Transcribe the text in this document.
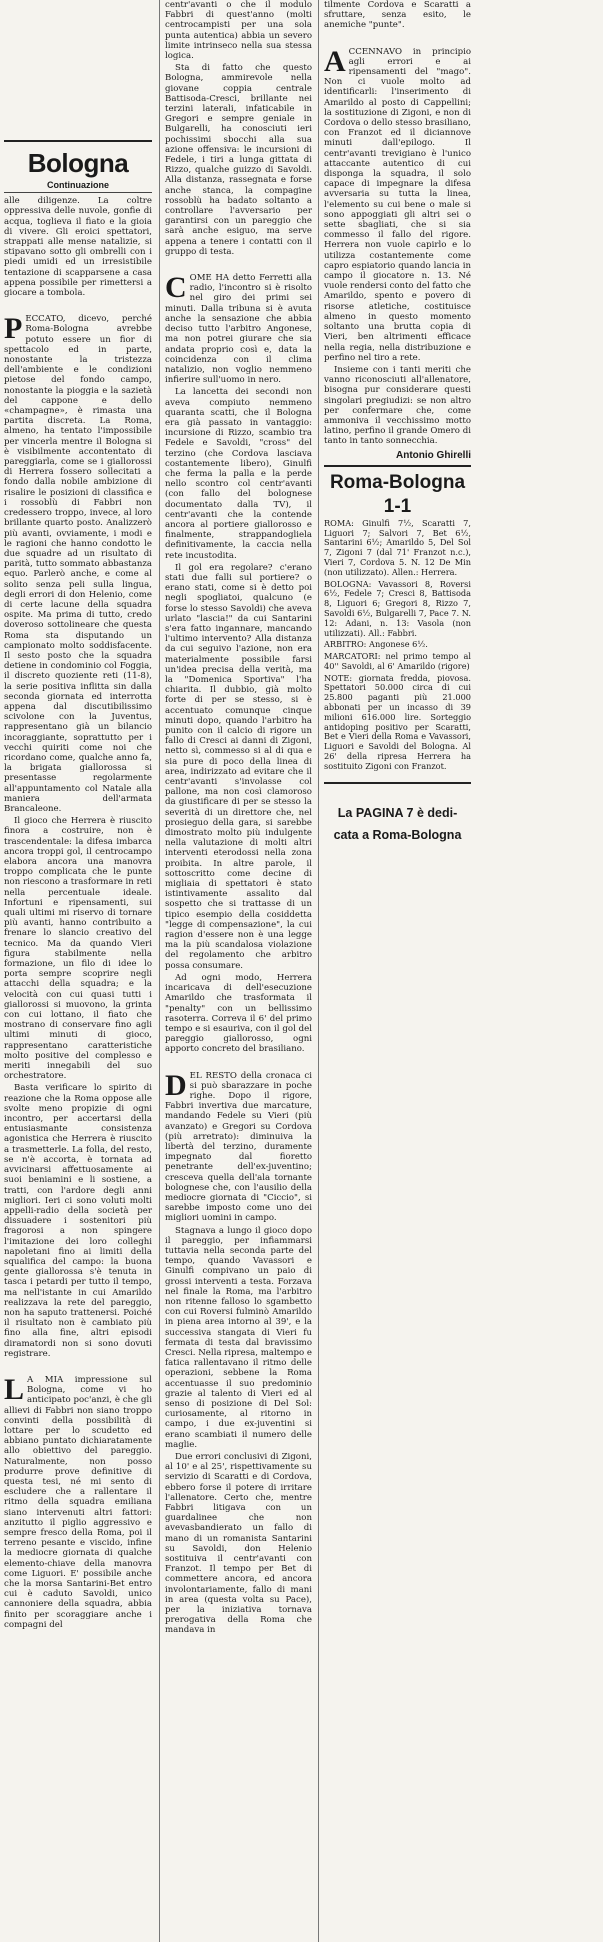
Bologna
Continuazione

alle diligenze. La coltre oppressiva delle nuvole, gonfie di acqua, toglieva il fiato e la gioia di vivere. Gli eroici spettatori, strappati alle mense natalizie, si stipavano sotto gli ombrelli con i piedi umidi ed un irresistibile tentazione di scapparsene a casa appena possibile per rimettersi a giocare a tombola.

PECCATO, dicevo, perché Roma-Bologna avrebbe potuto essere un fior di spettacolo ed in parte, nonostante la tristezza dell'ambiente e le condizioni pietose del fondo campo, nonostante la pioggia e la sazietà del cappone e dello «champagne», è rimasta una partita discreta. La Roma, almeno, ha tentato l'impossibile per vincerla mentre il Bologna si è visibilmente accontentato di pareggiarla, come se i giallorossi di Herrera fossero sollecitati a fondo dalla nobile ambizione di risalire le posizioni di classifica e i rossoblù di Fabbri non credessero troppo, invece, al loro brillante quarto posto. Analizzerò più avanti, ovviamente, i modi e le ragioni che hanno condotto le due squadre ad un risultato di parità, tutto sommato abbastanza equo. Parlerò anche, e come al solito senza peli sulla lingua, degli errori di don Helenio, come di certe lacune della squadra ospite. Ma prima di tutto, credo doveroso sottolineare che questa Roma sta disputando un campionato molto soddisfacente. Il sesto posto che la squadra detiene in condominio col Foggia, il discreto quoziente reti (11-8), la serie positiva inflitta sin dalla seconda giornata ed interrotta appena dal discutibilissimo scivolone con la Juventus, rappresentano già un bilancio incoraggiante, soprattutto per i vecchi quiriti come noi che ricordano come, qualche anno fa, la brigata giallorossa si presentasse regolarmente all'appuntamento col Natale alla maniera dell'armata Brancaleone.

Il gioco che Herrera è riuscito finora a costruire, non è trascendentale: la difesa imbarca ancora troppi gol, il centrocampo elabora ancora una manovra troppo complicata che le punte non riescono a trasformare in reti nella percentuale ideale. Infortuni e ripensamenti, sui quali ultimi mi riservo di tornare più avanti, hanno contribuito a frenare lo slancio creativo del tecnico. Ma da quando Vieri figura stabilmente nella formazione, un filo di idee lo porta sempre scoprire negli attacchi della squadra; e la velocità con cui quasi tutti i giallorossi si muovono, la grinta con cui lottano, il fiato che mostrano di conservare fino agli ultimi minuti di gioco, rappresentano caratteristiche molto positive del complesso e meriti innegabili del suo orchestratore.

Basta verificare lo spirito di reazione che la Roma oppose alle svolte meno propizie di ogni incontro, per accertarsi della entusiasmante consistenza agonistica che Herrera è riuscito a trasmetterle. La folla, del resto, se n'è accorta, è tornata ad avvicinarsi affettuosamente ai suoi beniamini e li sostiene, a tratti, con l'ardore degli anni migliori. Ieri ci sono voluti molti appelli-radio della società per dissuadere i sostenitori più fragorosi a non spingere l'imitazione dei loro colleghi napoletani fino ai limiti della squalifica del campo: la buona gente giallorossa s'è tenuta in tasca i petardi per tutto il tempo, ma nell'istante in cui Amarildo realizzava la rete del pareggio, non ha saputo trattenersi. Poiché il risultato non è cambiato più fino alla fine, altri episodi diramatordi non si sono dovuti registrare.

L A MIA impressione sul Bologna, come vi ho anticipato poc'anzi, è che gli allievi di Fabbri non siano troppo convinti della possibilità di lottare per lo scudetto ed abbiano puntato dichiaratamente allo obiettivo del pareggio. Naturalmente, non posso produrre prove definitive di questa tesi, né mi sento di escludere che a rallentare il ritmo della squadra emiliana siano intervenuti altri fattori: anzitutto il piglio aggressivo e sempre fresco della Roma, poi il terreno pesante e viscido, infine la mediocre giornata di qualche elemento-chiave della manovra come Liguori. E' possibile anche che la morsa Santarini-Bet entro cui è caduto Savoldi, unico cannoniere della squadra, abbia finito per scoraggiare anche i compagni del

centr'avanti o che il modulo Fabbri di quest'anno (molti centrocampisti per una sola punta autentica) abbia un severo limite intrinseco nella sua stessa logica.

Sta di fatto che questo Bologna, ammirevole nella giovane coppia centrale Battisoda-Cresci, brillante nei terzini laterali, infaticabile in Gregori e sempre geniale in Bulgarelli, ha conosciuti ieri pochissimi sbocchi alla sua azione offensiva: le incursioni di Fedele, i tiri a lunga gittata di Rizzo, qualche guizzo di Savoldi. Alla distanza, rassegnata e forse anche stanca, la compagine rossoblù ha badato soltanto a controllare l'avversario per garantirsi con un pareggio che sarà anche esiguo, ma serve appena a tenere i contatti con il gruppo di testa.

COME HA detto Ferretti alla radio, l'incontro si è risolto nel giro dei primi sei minuti. Dalla tribuna si è avuta anche la sensazione che abbia deciso tutto l'arbitro Angonese, ma non potrei giurare che sia andata proprio così e, data la coincidenza con il clima natalizio, non voglio nemmeno infierire sull'uomo in nero.

La lancetta dei secondi non aveva compiuto nemmeno quaranta scatti, che il Bologna era già passato in vantaggio: incursione di Rizzo, scambio tra Fedele e Savoldi, "cross" del terzino (che Cordova lasciava costantemente libero), Ginulfi che ferma la palla e la perde nello scontro col centr'avanti (con fallo del bolognese documentato dalla TV), il centr'avanti che la contende ancora al portiere giallorosso e finalmente, strappandogliela definitivamente, la caccia nella rete incustodita.

Il gol era regolare? c'erano stati due falli sul portiere? o erano stati, come si è detto poi negli spogliatoi, qualcuno (e forse lo stesso Savoldi) che aveva urlato "lascia!" da cui Santarini s'era fatto ingannare, mancando l'ultimo intervento? Alla distanza da cui seguivo l'azione, non era materialmente possibile farsi un'idea precisa della verità, ma la "Domenica Sportiva" l'ha chiarita. Il dubbio, già molto forte di per se stesso, si è accentuato comunque cinque minuti dopo, quando l'arbitro ha punito con il calcio di rigore un fallo di Cresci ai danni di Zigoni, netto sì, commesso si al di qua e sia pure di poco della linea di area, indirizzato ad evitare che il centr'avanti s'involasse col pallone, ma non così clamoroso da giustificare di per se stesso la severità di un direttore che, nel prosieguo della gara, si sarebbe dimostrato molto più indulgente nella valutazione di molti altri interventi eterodossi nella zona proibita. In altre parole, il sottoscritto come decine di migliaia di spettatori è stato istintivamente assalito dal sospetto che si trattasse di un tipico esempio della cosiddetta "legge di compensazione", la cui ragion d'essere non è una legge ma la più scandalosa violazione del regolamento che arbitro possa consumare.

Ad ogni modo, Herrera incaricava di dell'esecuzione Amarildo che trasformata il "penalty" con un bellissimo rasoterra. Correva il 6' del primo tempo e si esauriva, con il gol del pareggio giallorosso, ogni apporto concreto del brasiliano.

DEL RESTO della cronaca ci si può sbarazzare in poche righe. Dopo il rigore, Fabbri invertiva due marcature, mandando Fedele su Vieri (più avanzato) e Gregori su Cordova (più arretrato): diminuiva la libertà del terzino, duramente impegnato dal fioretto penetrante dell'ex-juventino; cresceva quella dell'ala tornante bolognese che, con l'ausilio della mediocre giornata di "Ciccio", si sarebbe imposto come uno dei migliori uomini in campo.

Stagnava a lungo il gioco dopo il pareggio, per infiammarsi tuttavia nella seconda parte del tempo, quando Vavassori e Ginulfi compivano un paio di grossi interventi a testa. Forzava nel finale la Roma, ma l'arbitro non ritenne falloso lo sgambetto con cui Roversi fulminò Amarildo in piena area intorno al 39', e la successiva stangata di Vieri fu fermata di testa dal bravissimo Cresci. Nella ripresa, maltempo e fatica rallentavano il ritmo delle operazioni, sebbene la Roma accentuasse il suo predominio grazie al talento di Vieri ed al senso di posizione di Del Sol: curiosamente, al ritorno in campo, i due ex-juventini si erano scambiati il numero delle maglie.

Due errori conclusivi di Zigoni, al 10' e al 25', rispettivamente su servizio di Scaratti e di Cordova, ebbero forse il potere di irritare l'allenatore. Certo che, mentre Fabbri litigava con un guardalinee che non avevasbandierato un fallo di mano di un romanista Santarini su Savoldi, don Helenio sostituiva il centr'avanti con Franzot. Il tempo per Bet di commettere ancora, ed ancora involontariamente, fallo di mani in area (questa volta su Pace), per la iniziativa tornava prerogativa della Roma che mandava in

tilmente Cordova e Scaratti a sfruttare, senza esito, le anemiche "punte".

ACCENNAVO in principio agli errori e ai ripensamenti del "mago". Non ci vuole molto ad identificarli: l'inserimento di Amarildo al posto di Cappellini; la sostituzione di Zigoni, e non di Cordova o dello stesso brasiliano, con Franzot ed il diciannove minuti dall'epilogo. Il centr'avanti trevigiano è l'unico attaccante autentico di cui disponga la squadra, il solo capace di impegnare la difesa avversaria su tutta la linea, l'elemento su cui bene o male si sono appoggiati gli altri sei o sette sbagliati, che si sia commesso il fallo del rigore. Herrera non vuole capirlo e lo utilizza costantemente come capro espiatorio quando lancia in campo il giocatore n. 13. Né vuole rendersi conto del fatto che Amarildo, spento e povero di risorse atletiche, costituisce almeno in questo momento soltanto una brutta copia di Vieri, ben altrimenti efficace nella regia, nella distribuzione e perfino nel tiro a rete.

Insieme con i tanti meriti che vanno riconosciuti all'allenatore, bisogna pur considerare questi singolari pregiudizi: se non altro per confermare che, come ammoniva il vecchissimo motto latino, perfino il grande Omero di tanto in tanto sonnecchia.

Antonio Ghirelli
Roma-Bologna 1-1

ROMA: Ginulfi 7½, Scaratti 7, Liguori 7; Salvori 7, Bet 6½, Santarini 6½; Amarildo 5, Del Sol 7, Zigoni 7 (dal 71' Franzot n.c.), Vieri 7, Cordova 5. N. 12 De Min (non utilizzato). Allen.: Herrera.

BOLOGNA: Vavassori 8, Roversi 6½, Fedele 7; Cresci 8, Battisoda 8, Liguori 6; Gregori 8, Rizzo 7, Savoldi 6½, Bulgarelli 7, Pace 7. N. 12: Adani, n. 13: Vasola (non utilizzati). All.: Fabbri.

ARBITRO: Angonese 6½.

MARCATORI: nel primo tempo al 40'' Savoldi, al 6' Amarildo (rigore)

NOTE: giornata fredda, piovosa. Spettatori 50.000 circa di cui 25.800 paganti più 21.000 abbonati per un incasso di 39 milioni 616.000 lire. Sorteggio antidoping positivo per Scaratti, Bet e Vieri della Roma e Vavassori, Liguori e Savoldi del Bologna. Al 26' della ripresa Herrera ha sostituito Zigoni con Franzot.

La PAGINA 7 è dedi-
cata a Roma-Bologna
